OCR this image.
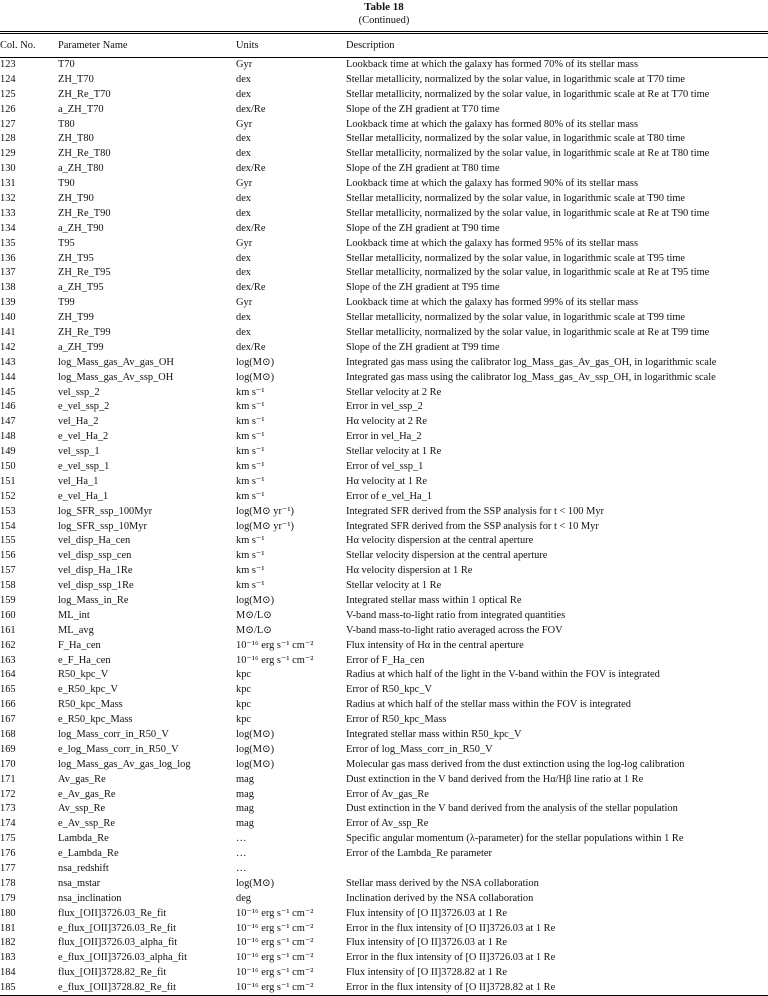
Table 18
(Continued)
Col. No.	Parameter Name	Units	Description
123	T70	Gyr	Lookback time at which the galaxy has formed 70% of its stellar mass
124	ZH_T70	dex	Stellar metallicity, normalized by the solar value, in logarithmic scale at T70 time
125	ZH_Re_T70	dex	Stellar metallicity, normalized by the solar value, in logarithmic scale at Re at T70 time
126	a_ZH_T70	dex/Re	Slope of the ZH gradient at T70 time
127	T80	Gyr	Lookback time at which the galaxy has formed 80% of its stellar mass
128	ZH_T80	dex	Stellar metallicity, normalized by the solar value, in logarithmic scale at T80 time
129	ZH_Re_T80	dex	Stellar metallicity, normalized by the solar value, in logarithmic scale at Re at T80 time
130	a_ZH_T80	dex/Re	Slope of the ZH gradient at T80 time
131	T90	Gyr	Lookback time at which the galaxy has formed 90% of its stellar mass
132	ZH_T90	dex	Stellar metallicity, normalized by the solar value, in logarithmic scale at T90 time
133	ZH_Re_T90	dex	Stellar metallicity, normalized by the solar value, in logarithmic scale at Re at T90 time
134	a_ZH_T90	dex/Re	Slope of the ZH gradient at T90 time
135	T95	Gyr	Lookback time at which the galaxy has formed 95% of its stellar mass
136	ZH_T95	dex	Stellar metallicity, normalized by the solar value, in logarithmic scale at T95 time
137	ZH_Re_T95	dex	Stellar metallicity, normalized by the solar value, in logarithmic scale at Re at T95 time
138	a_ZH_T95	dex/Re	Slope of the ZH gradient at T95 time
139	T99	Gyr	Lookback time at which the galaxy has formed 99% of its stellar mass
140	ZH_T99	dex	Stellar metallicity, normalized by the solar value, in logarithmic scale at T99 time
141	ZH_Re_T99	dex	Stellar metallicity, normalized by the solar value, in logarithmic scale at Re at T99 time
142	a_ZH_T99	dex/Re	Slope of the ZH gradient at T99 time
143	log_Mass_gas_Av_gas_OH	log(M⊙)	Integrated gas mass using the calibrator log_Mass_gas_Av_gas_OH, in logarithmic scale
144	log_Mass_gas_Av_ssp_OH	log(M⊙)	Integrated gas mass using the calibrator log_Mass_gas_Av_ssp_OH, in logarithmic scale
145	vel_ssp_2	km s⁻¹	Stellar velocity at 2 Re
146	e_vel_ssp_2	km s⁻¹	Error in vel_ssp_2
147	vel_Ha_2	km s⁻¹	Hα velocity at 2 Re
148	e_vel_Ha_2	km s⁻¹	Error in vel_Ha_2
149	vel_ssp_1	km s⁻¹	Stellar velocity at 1 Re
150	e_vel_ssp_1	km s⁻¹	Error of vel_ssp_1
151	vel_Ha_1	km s⁻¹	Hα velocity at 1 Re
152	e_vel_Ha_1	km s⁻¹	Error of e_vel_Ha_1
153	log_SFR_ssp_100Myr	log(M⊙ yr⁻¹)	Integrated SFR derived from the SSP analysis for t < 100 Myr
154	log_SFR_ssp_10Myr	log(M⊙ yr⁻¹)	Integrated SFR derived from the SSP analysis for t < 10 Myr
155	vel_disp_Ha_cen	km s⁻¹	Hα velocity dispersion at the central aperture
156	vel_disp_ssp_cen	km s⁻¹	Stellar velocity dispersion at the central aperture
157	vel_disp_Ha_1Re	km s⁻¹	Hα velocity dispersion at 1 Re
158	vel_disp_ssp_1Re	km s⁻¹	Stellar velocity at 1 Re
159	log_Mass_in_Re	log(M⊙)	Integrated stellar mass within 1 optical Re
160	ML_int	M⊙/L⊙	V-band mass-to-light ratio from integrated quantities
161	ML_avg	M⊙/L⊙	V-band mass-to-light ratio averaged across the FOV
162	F_Ha_cen	10⁻¹⁶ erg s⁻¹ cm⁻²	Flux intensity of Hα in the central aperture
163	e_F_Ha_cen	10⁻¹⁶ erg s⁻¹ cm⁻²	Error of F_Ha_cen
164	R50_kpc_V	kpc	Radius at which half of the light in the V-band within the FOV is integrated
165	e_R50_kpc_V	kpc	Error of R50_kpc_V
166	R50_kpc_Mass	kpc	Radius at which half of the stellar mass within the FOV is integrated
167	e_R50_kpc_Mass	kpc	Error of R50_kpc_Mass
168	log_Mass_corr_in_R50_V	log(M⊙)	Integrated stellar mass within R50_kpc_V
169	e_log_Mass_corr_in_R50_V	log(M⊙)	Error of log_Mass_corr_in_R50_V
170	log_Mass_gas_Av_gas_log_log	log(M⊙)	Molecular gas mass derived from the dust extinction using the log-log calibration
171	Av_gas_Re	mag	Dust extinction in the V band derived from the Hα/Hβ line ratio at 1 Re
172	e_Av_gas_Re	mag	Error of Av_gas_Re
173	Av_ssp_Re	mag	Dust extinction in the V band derived from the analysis of the stellar population
174	e_Av_ssp_Re	mag	Error of Av_ssp_Re
175	Lambda_Re	…	Specific angular momentum (λ-parameter) for the stellar populations within 1 Re
176	e_Lambda_Re	…	Error of the Lambda_Re parameter
177	nsa_redshift	…	
178	nsa_mstar	log(M⊙)	Stellar mass derived by the NSA collaboration
179	nsa_inclination	deg	Inclination derived by the NSA collaboration
180	flux_[OII]3726.03_Re_fit	10⁻¹⁶ erg s⁻¹ cm⁻²	Flux intensity of [O II]3726.03 at 1 Re
181	e_flux_[OII]3726.03_Re_fit	10⁻¹⁶ erg s⁻¹ cm⁻²	Error in the flux intensity of [O II]3726.03 at 1 Re
182	flux_[OII]3726.03_alpha_fit	10⁻¹⁶ erg s⁻¹ cm⁻²	Flux intensity of [O II]3726.03 at 1 Re
183	e_flux_[OII]3726.03_alpha_fit	10⁻¹⁶ erg s⁻¹ cm⁻²	Error in the flux intensity of [O II]3726.03 at 1 Re
184	flux_[OII]3728.82_Re_fit	10⁻¹⁶ erg s⁻¹ cm⁻²	Flux intensity of [O II]3728.82 at 1 Re
185	e_flux_[OII]3728.82_Re_fit	10⁻¹⁶ erg s⁻¹ cm⁻²	Error in the flux intensity of [O II]3728.82 at 1 Re
